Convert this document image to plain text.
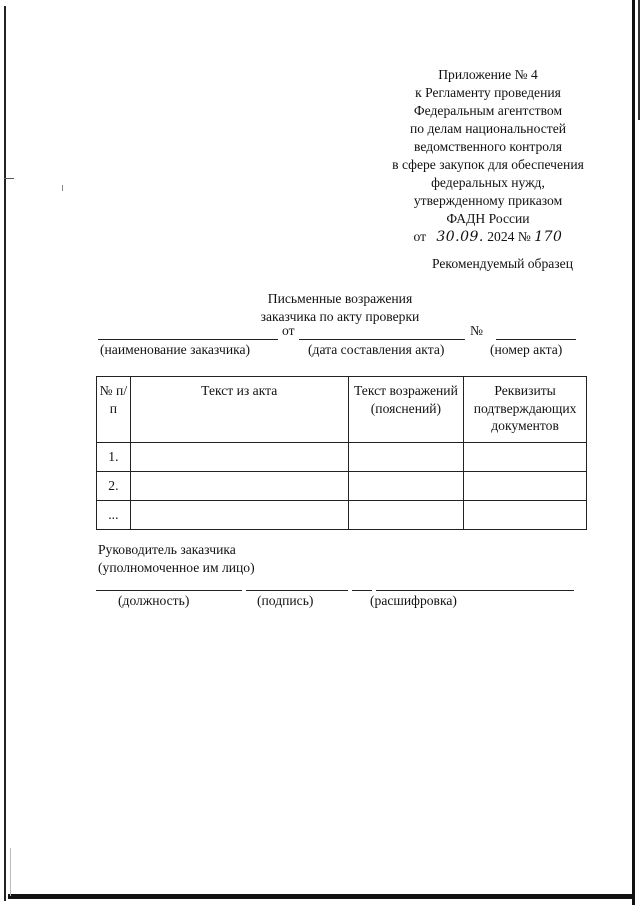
Приложение № 4
к Регламенту проведения
Федеральным агентством
по делам национальностей
ведомственного контроля
в сфере закупок для обеспечения
федеральных нужд,
утвержденному приказом
ФАДН России
от 30.09. 2024 № 170
Рекомендуемый образец
Письменные возражения
заказчика по акту проверки
от	№
(наименование заказчика)	(дата составления акта)	(номер акта)
№ п/п	Текст из акта	Текст возражений (пояснений)	Реквизиты подтверждающих документов
1.			
2.			
...			
Руководитель заказчика
(уполномоченное им лицо)
(должность)	(подпись)	(расшифровка)
